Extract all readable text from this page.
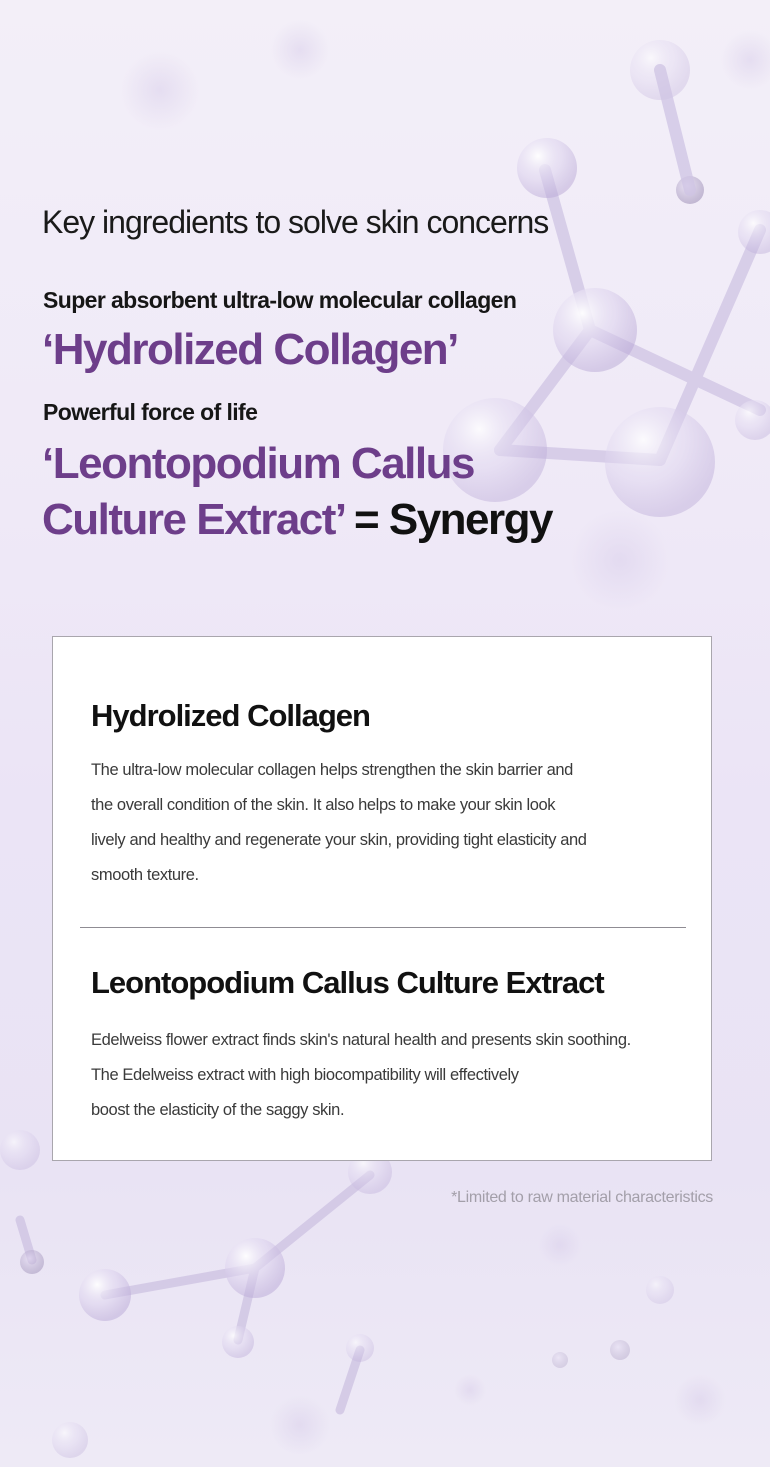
Key ingredients to solve skin concerns

Super absorbent ultra-low molecular collagen

‘Hydrolized Collagen’

Powerful force of life

‘Leontopodium Callus
Culture Extract’ = Synergy

Hydrolized Collagen

The ultra-low molecular collagen helps strengthen the skin barrier and
the overall condition of the skin. It also helps to make your skin look
lively and healthy and regenerate your skin, providing tight elasticity and
smooth texture.

Leontopodium Callus Culture Extract

Edelweiss flower extract finds skin's natural health and presents skin soothing.
The Edelweiss extract with high biocompatibility will effectively
boost the elasticity of the saggy skin.

*Limited to raw material characteristics
